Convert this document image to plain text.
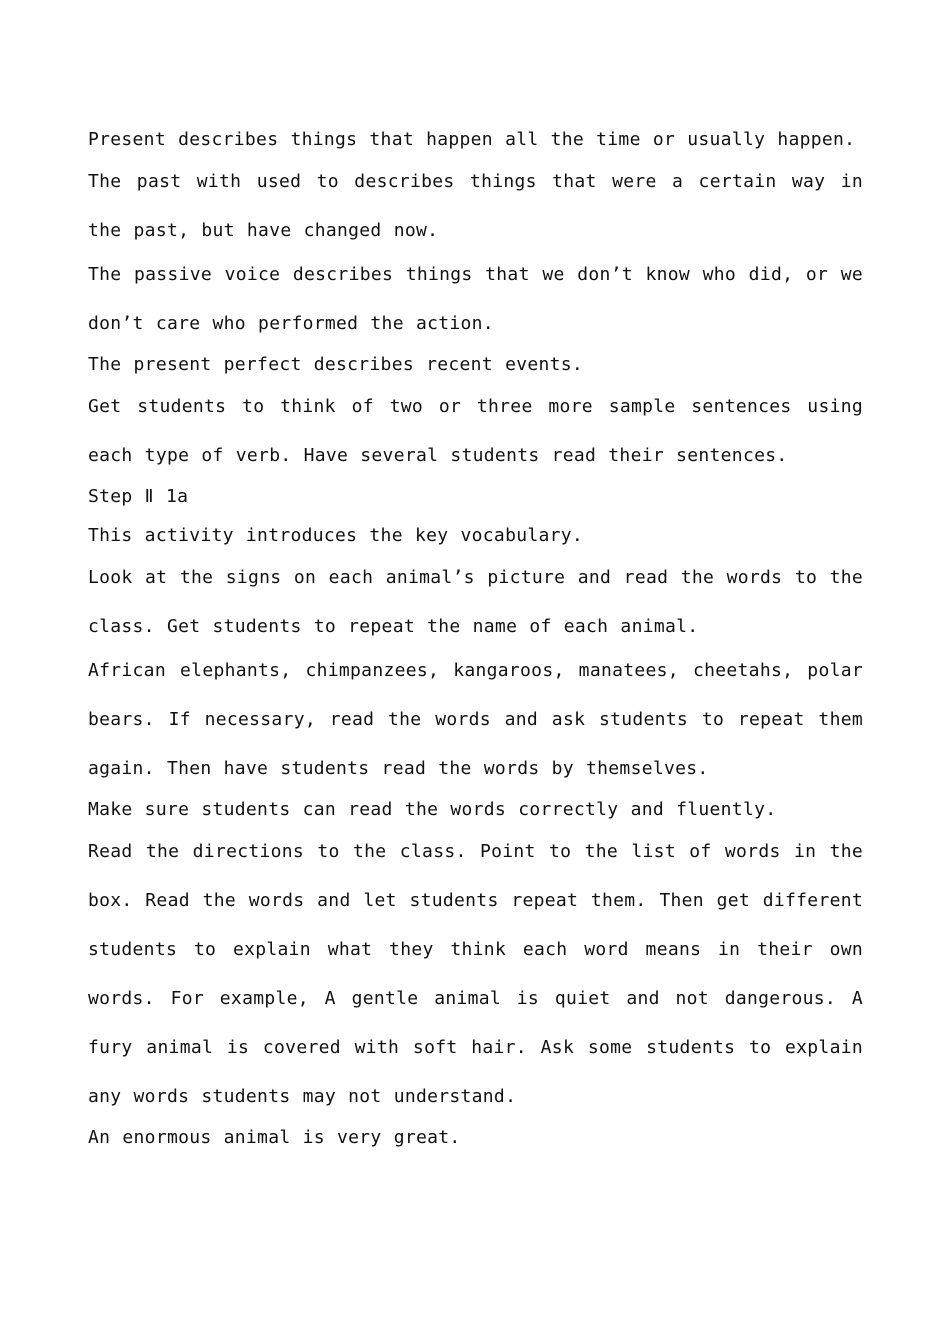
Present describes things that happen all the time or usually happen.

The past with used to describes things that were a certain way in the past, but have changed now.

The passive voice describes things that we don’t know who did, or we don’t care who performed the action.

The present perfect describes recent events.

Get students to think of two or three more sample sentences using each type of verb. Have several students read their sentences.

Step Ⅱ 1a

This activity introduces the key vocabulary.

Look at the signs on each animal’s picture and read the words to the class. Get students to repeat the name of each animal.

African elephants, chimpanzees, kangaroos, manatees, cheetahs, polar bears. If necessary, read the words and ask students to repeat them again. Then have students read the words by themselves.

Make sure students can read the words correctly and fluently.

Read the directions to the class. Point to the list of words in the box. Read the words and let students repeat them. Then get different students to explain what they think each word means in their own words. For example, A gentle animal is quiet and not dangerous. A fury animal is covered with soft hair. Ask some students to explain any words students may not understand.

An enormous animal is very great.
